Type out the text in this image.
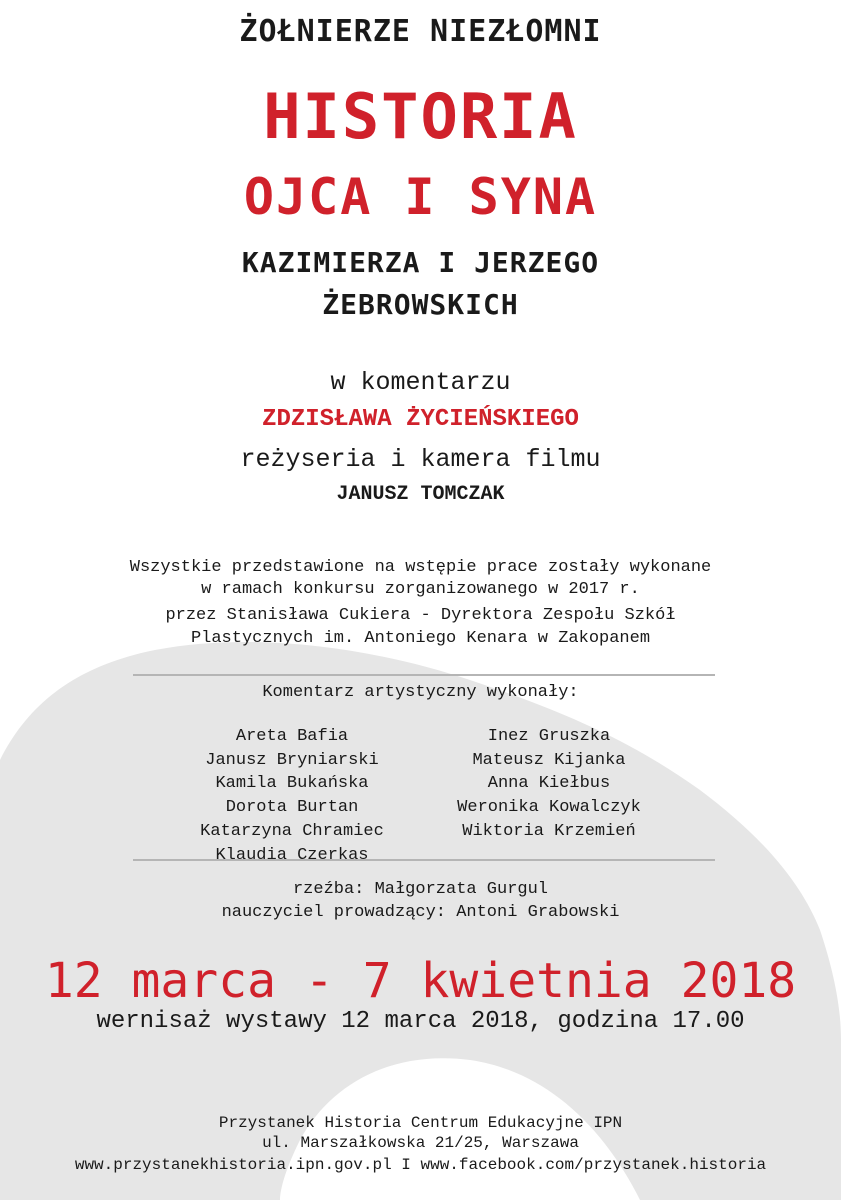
ŻOŁNIERZE NIEZŁOMNI
HISTORIA
OJCA I SYNA
KAZIMIERZA I JERZEGO
ŻEBROWSKICH
w komentarzu
ZDZISŁAWA ŻYCIEŃSKIEGO
reżyseria i kamera filmu
JANUSZ TOMCZAK
Wszystkie przedstawione na wstępie prace zostały wykonane
w ramach konkursu zorganizowanego w 2017 r.
przez Stanisława Cukiera - Dyrektora Zespołu Szkół
Plastycznych im. Antoniego Kenara w Zakopanem
Komentarz artystyczny wykonały:
Areta Bafia
Janusz Bryniarski
Kamila Bukańska
Dorota Burtan
Katarzyna Chramiec
Klaudia Czerkas
Inez Gruszka
Mateusz Kijanka
Anna Kiełbus
Weronika Kowalczyk
Wiktoria Krzemień
rzeźba: Małgorzata Gurgul
nauczyciel prowadzący: Antoni Grabowski
12 marca - 7 kwietnia 2018
wernisaż wystawy 12 marca 2018, godzina 17.00
Przystanek Historia Centrum Edukacyjne IPN
ul. Marszałkowska 21/25, Warszawa
www.przystanekhistoria.ipn.gov.pl I www.facebook.com/przystanek.historia
